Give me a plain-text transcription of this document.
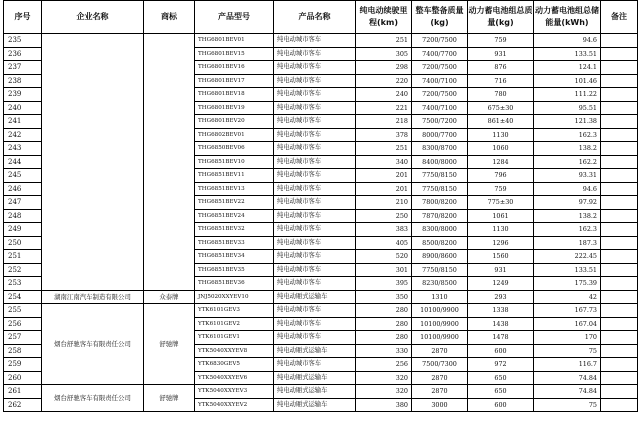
序号	企业名称	商标	产品型号	产品名称	纯电动续驶里程(km)	整车整备质量(kg)	动力蓄电池组总质量(kg)	动力蓄电池组总储能量(kWh)	备注
235			THG6801BEV01	纯电动城市客车	251	7200/7500	759	94.6	
236			THG6801BEV15	纯电动城市客车	305	7400/7700	931	133.51	
237			THG6801BEV16	纯电动城市客车	298	7200/7500	876	124.1	
238			THG6801BEV17	纯电动城市客车	220	7400/7100	716	101.46	
239			THG6801BEV18	纯电动城市客车	240	7200/7500	780	111.22	
240			THG6801BEV19	纯电动城市客车	221	7400/7100	675±30	95.51	
241			THG6801BEV20	纯电动城市客车	218	7500/7200	861±40	121.38	
242			THG6802BEV01	纯电动城市客车	378	8000/7700	1130	162.3	
243			THG6850BEV06	纯电动城市客车	251	8300/8700	1060	138.2	
244			THG6851BEV10	纯电动城市客车	340	8400/8000	1284	162.2	
245			THG6851BEV11	纯电动城市客车	201	7750/8150	796	93.31	
246			THG6851BEV13	纯电动城市客车	201	7750/8150	759	94.6	
247			THG6851BEV22	纯电动城市客车	210	7800/8200	775±30	97.92	
248			THG6851BEV24	纯电动城市客车	250	7870/8200	1061	138.2	
249			THG6851BEV32	纯电动城市客车	383	8300/8000	1130	162.3	
250			THG6851BEV33	纯电动城市客车	405	8500/8200	1296	187.3	
251			THG6851BEV34	纯电动城市客车	520	8900/8600	1560	222.45	
252			THG6851BEV35	纯电动城市客车	301	7750/8150	931	133.51	
253			THG6851BEV36	纯电动城市客车	395	8230/8500	1249	175.39	
254	湖南江南汽车制造有限公司	众泰牌	JNJ5020XXYEV10	纯电动厢式运输车	350	1310	293	42	
255	烟台舒驰客车有限责任公司	舒驰牌	YTK6101GEV3	纯电动城市客车	280	10100/9900	1338	167.73	
256			YTK6101GEV2	纯电动城市客车	280	10100/9900	1438	167.04	
257			YTK6101GEV1	纯电动城市客车	280	10100/9900	1478	170	
258			YTK5040XXYEV8	纯电动厢式运输车	330	2870	600	75	
259			YTK6830GEV5	纯电动城市客车	256	7500/7300	972	116.7	
260			YTK5040XXYEV6	纯电动厢式运输车	320	2870	650	74.84	
261	烟台舒驰客车有限责任公司	舒驰牌	YTK5040XXYEV3	纯电动厢式运输车	320	2870	650	74.84	
262			YTK5040XXYEV2	纯电动厢式运输车	380	3000	600	75	
